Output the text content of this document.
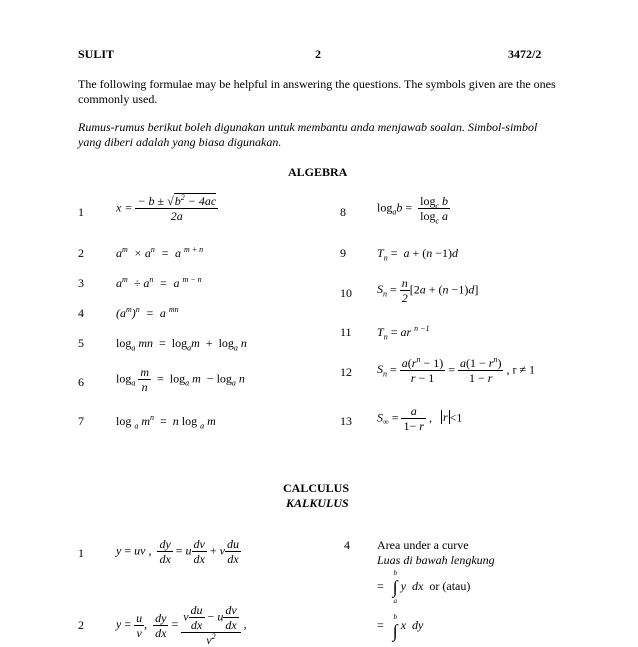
SULIT	2	3472/2
The following formulae may be helpful in answering the questions. The symbols given are the ones commonly used.
Rumus-rumus berikut boleh digunakan untuk membantu anda menjawab soalan. Simbol-simbol yang diberi adalah yang biasa digunakan.
ALGEBRA
1
2
3
4
5
6
7
8
9
10
11
12
13
$x = \frac{- b \pm √b^2 - 4ac}{2a}$
$a^m \times a^n = a$ $^{m + n}$
$a^m \div a^n = a$ $^{m - n}$
$(a^m)^n = a$ $^{mn}$
$\log_a$ mn  =  $\log_am + \log_a n$
$\log_a \frac{m}{n} = \log_a m - \log_a n$
log $_a$ $m^n = n$ log $_a$ m
$\log_ab = \frac{\log_c b}{\log_c a}$
$T_n = a + (n -1)d$
$S_n = \frac{n}{2} [2a + (n -1)d]$
$T_n$ = ar $^{n -1}$
$S_n = \frac{a(r^n - 1)}{r - 1} = \frac{a(1 - r^n)}{1 - r}$ , r ≠ 1
$S_\infty = \frac{a}{1- r}$ , r <1
CALCULUS
KALKULUS
1
2
4
y = uv , $\frac{dy}{dx} = u \frac{dv}{dx} + v \frac{du}{dx}$
$y = \frac{u}{v}$ , $\frac{dy}{dx} = \frac{v \frac{du}{dx} - u \frac{dv}{dx}}{v^2}$ ,
Area under a curve
Luas di bawah lengkung
=
b
∫
a
y dx or (atau)
=
b
∫ x dy
